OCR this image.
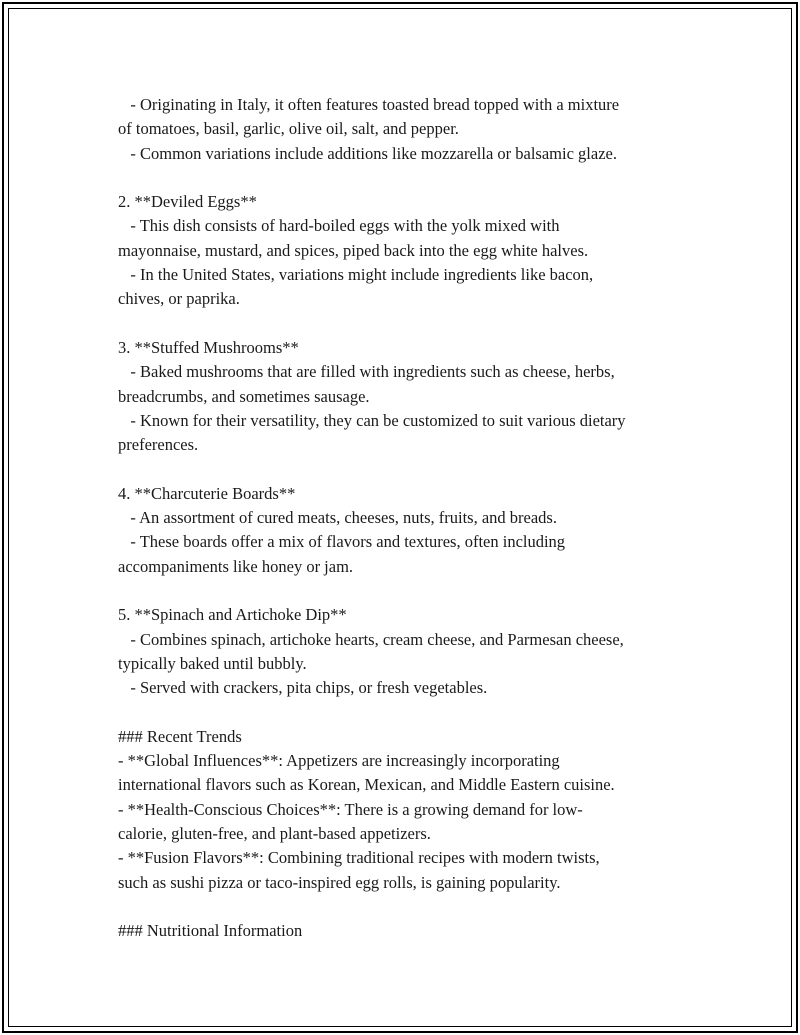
- Originating in Italy, it often features toasted bread topped with a mixture
of tomatoes, basil, garlic, olive oil, salt, and pepper.
- Common variations include additions like mozzarella or balsamic glaze.
2. **Deviled Eggs**
- This dish consists of hard-boiled eggs with the yolk mixed with
mayonnaise, mustard, and spices, piped back into the egg white halves.
- In the United States, variations might include ingredients like bacon,
chives, or paprika.
3. **Stuffed Mushrooms**
- Baked mushrooms that are filled with ingredients such as cheese, herbs,
breadcrumbs, and sometimes sausage.
- Known for their versatility, they can be customized to suit various dietary
preferences.
4. **Charcuterie Boards**
- An assortment of cured meats, cheeses, nuts, fruits, and breads.
- These boards offer a mix of flavors and textures, often including
accompaniments like honey or jam.
5. **Spinach and Artichoke Dip**
- Combines spinach, artichoke hearts, cream cheese, and Parmesan cheese,
typically baked until bubbly.
- Served with crackers, pita chips, or fresh vegetables.
### Recent Trends
- **Global Influences**: Appetizers are increasingly incorporating
international flavors such as Korean, Mexican, and Middle Eastern cuisine.
- **Health-Conscious Choices**: There is a growing demand for low-
calorie, gluten-free, and plant-based appetizers.
- **Fusion Flavors**: Combining traditional recipes with modern twists,
such as sushi pizza or taco-inspired egg rolls, is gaining popularity.
### Nutritional Information
